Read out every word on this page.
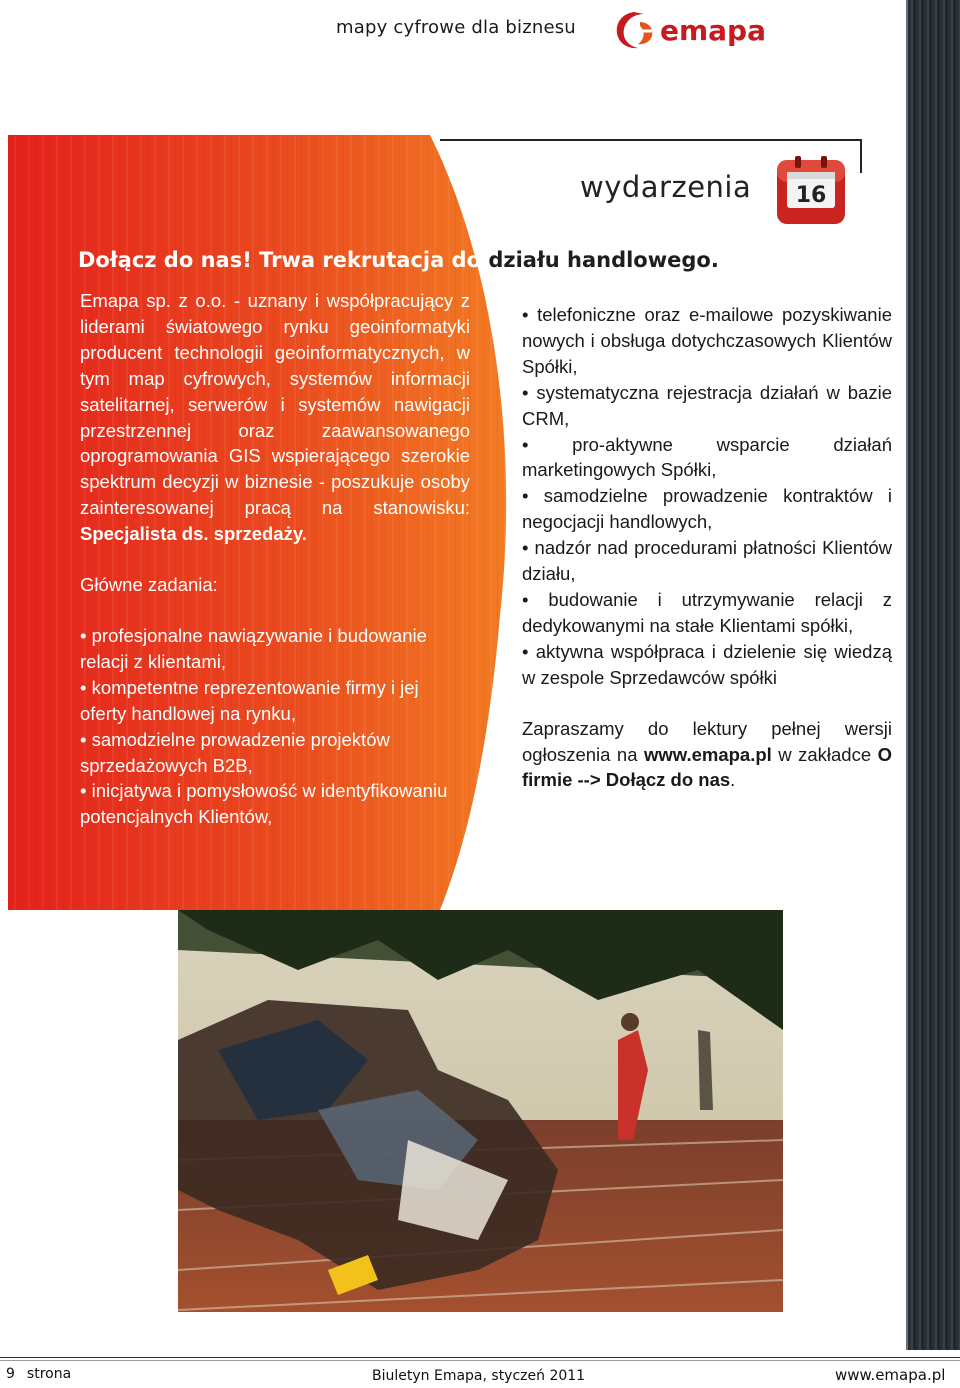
mapy cyfrowe dla biznesu	emapa
wydarzenia 16
Dołącz do nas! Trwa rekrutacja do działu handlowego.

Emapa sp. z o.o. - uznany i współpracujący z liderami światowego rynku geoinformatyki producent technologii geoinformatycznych, w tym map cyfrowych, systemów informacji satelitarnej, serwerów i systemów nawigacji przestrzennej oraz zaawansowanego oprogramowania GIS wspierającego szerokie spektrum decyzji w biznesie - poszukuje osoby zainteresowanej pracą na stanowisku: Specjalista ds. sprzedaży.

Główne zadania:

• profesjonalne nawiązywanie i budowanie relacji z klientami,
• kompetentne reprezentowanie firmy i jej oferty handlowej na rynku,
• samodzielne prowadzenie projektów sprzedażowych B2B,
• inicjatywa i pomysłowość w identyfikowaniu potencjalnych Klientów,
• telefoniczne oraz e-mailowe pozyskiwanie nowych i obsługa dotychczasowych Klientów Spółki,
• systematyczna rejestracja działań w bazie CRM,
• pro-aktywne wsparcie działań marketingowych Spółki,
• samodzielne prowadzenie kontraktów i negocjacji handlowych,
• nadzór nad procedurami płatności Klientów działu,
• budowanie i utrzymywanie relacji z dedykowanymi na stałe Klientami spółki,
• aktywna współpraca i dzielenie się wiedzą w zespole Sprzedawców spółki

Zapraszamy do lektury pełnej wersji ogłoszenia na www.emapa.pl w zakładce O firmie --> Dołącz do nas.

9 strona	Biuletyn Emapa, styczeń 2011	www.emapa.pl
